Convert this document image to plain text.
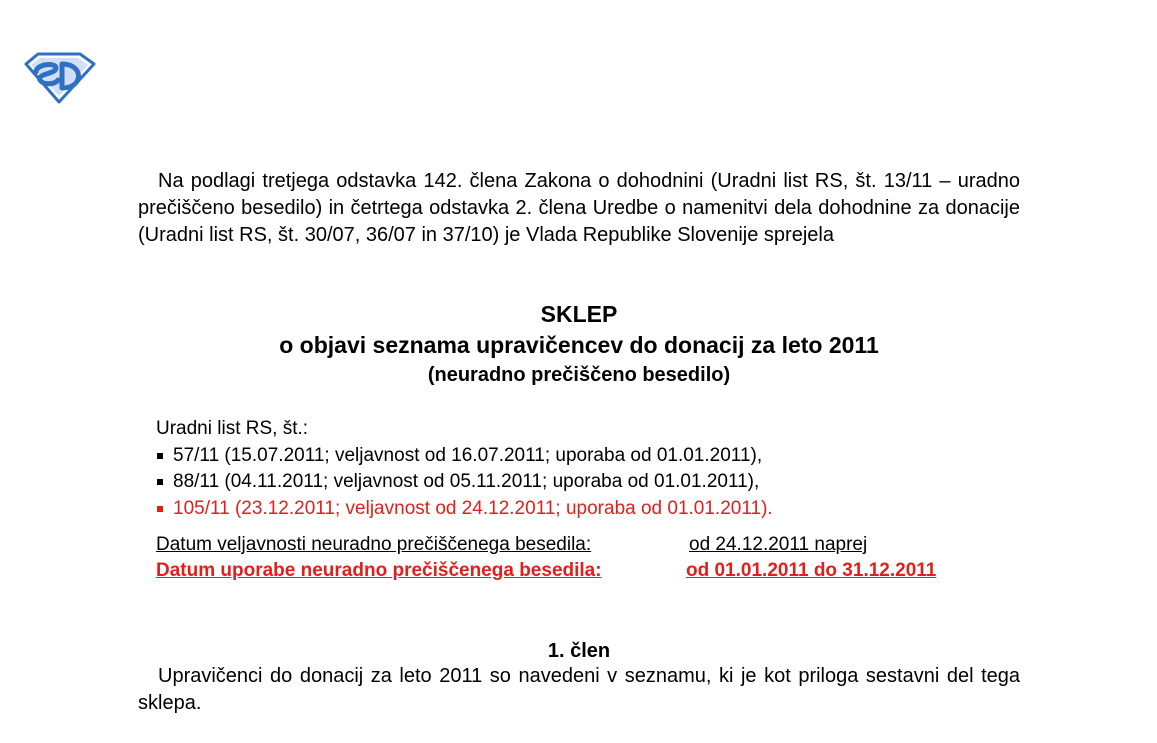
Na podlagi tretjega odstavka 142. člena Zakona o dohodnini (Uradni list RS, št. 13/11 – uradno prečiščeno besedilo) in četrtega odstavka 2. člena Uredbe o namenitvi dela dohodnine za donacije (Uradni list RS, št. 30/07, 36/07 in 37/10) je Vlada Republike Slovenije sprejela

SKLEP
o objavi seznama upravičencev do donacij za leto 2011
(neuradno prečiščeno besedilo)
Uradni list RS, št.:
57/11 (15.07.2011; veljavnost od 16.07.2011; uporaba od 01.01.2011),
88/11 (04.11.2011; veljavnost od 05.11.2011; uporaba od 01.01.2011),
105/11 (23.12.2011; veljavnost od 24.12.2011; uporaba od 01.01.2011).
Datum veljavnosti neuradno prečiščenega besedila:	od 24.12.2011 naprej
Datum uporabe neuradno prečiščenega besedila:	od 01.01.2011 do 31.12.2011
1. člen

Upravičenci do donacij za leto 2011 so navedeni v seznamu, ki je kot priloga sestavni del tega sklepa.
